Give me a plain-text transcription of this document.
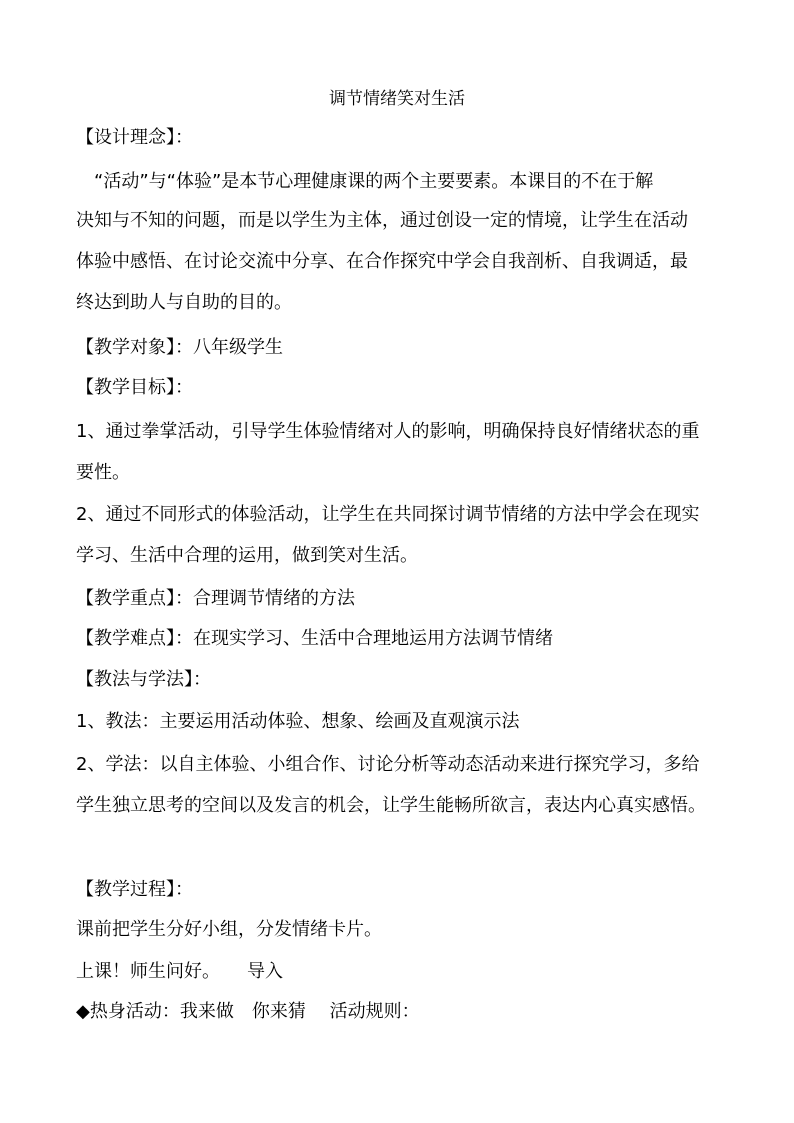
调节情绪笑对生活
【设计理念】：
　“活动”与“体验”是本节心理健康课的两个主要要素。本课目的不在于解
决知与不知的问题，而是以学生为主体，通过创设一定的情境，让学生在活动
体验中感悟、在讨论交流中分享、在合作探究中学会自我剖析、自我调适，最
终达到助人与自助的目的。
【教学对象】：八年级学生
【教学目标】：
1、通过拳掌活动，引导学生体验情绪对人的影响，明确保持良好情绪状态的重
要性。
2、通过不同形式的体验活动，让学生在共同探讨调节情绪的方法中学会在现实
学习、生活中合理的运用，做到笑对生活。
【教学重点】：合理调节情绪的方法
【教学难点】：在现实学习、生活中合理地运用方法调节情绪
【教法与学法】：
1、教法：主要运用活动体验、想象、绘画及直观演示法
2、学法：以自主体验、小组合作、讨论分析等动态活动来进行探究学习，多给
学生独立思考的空间以及发言的机会，让学生能畅所欲言，表达内心真实感悟。
【教学过程】：
课前把学生分好小组，分发情绪卡片。
上课！师生问好。　　导入
◆热身活动：我来做　你来猜　 活动规则：
